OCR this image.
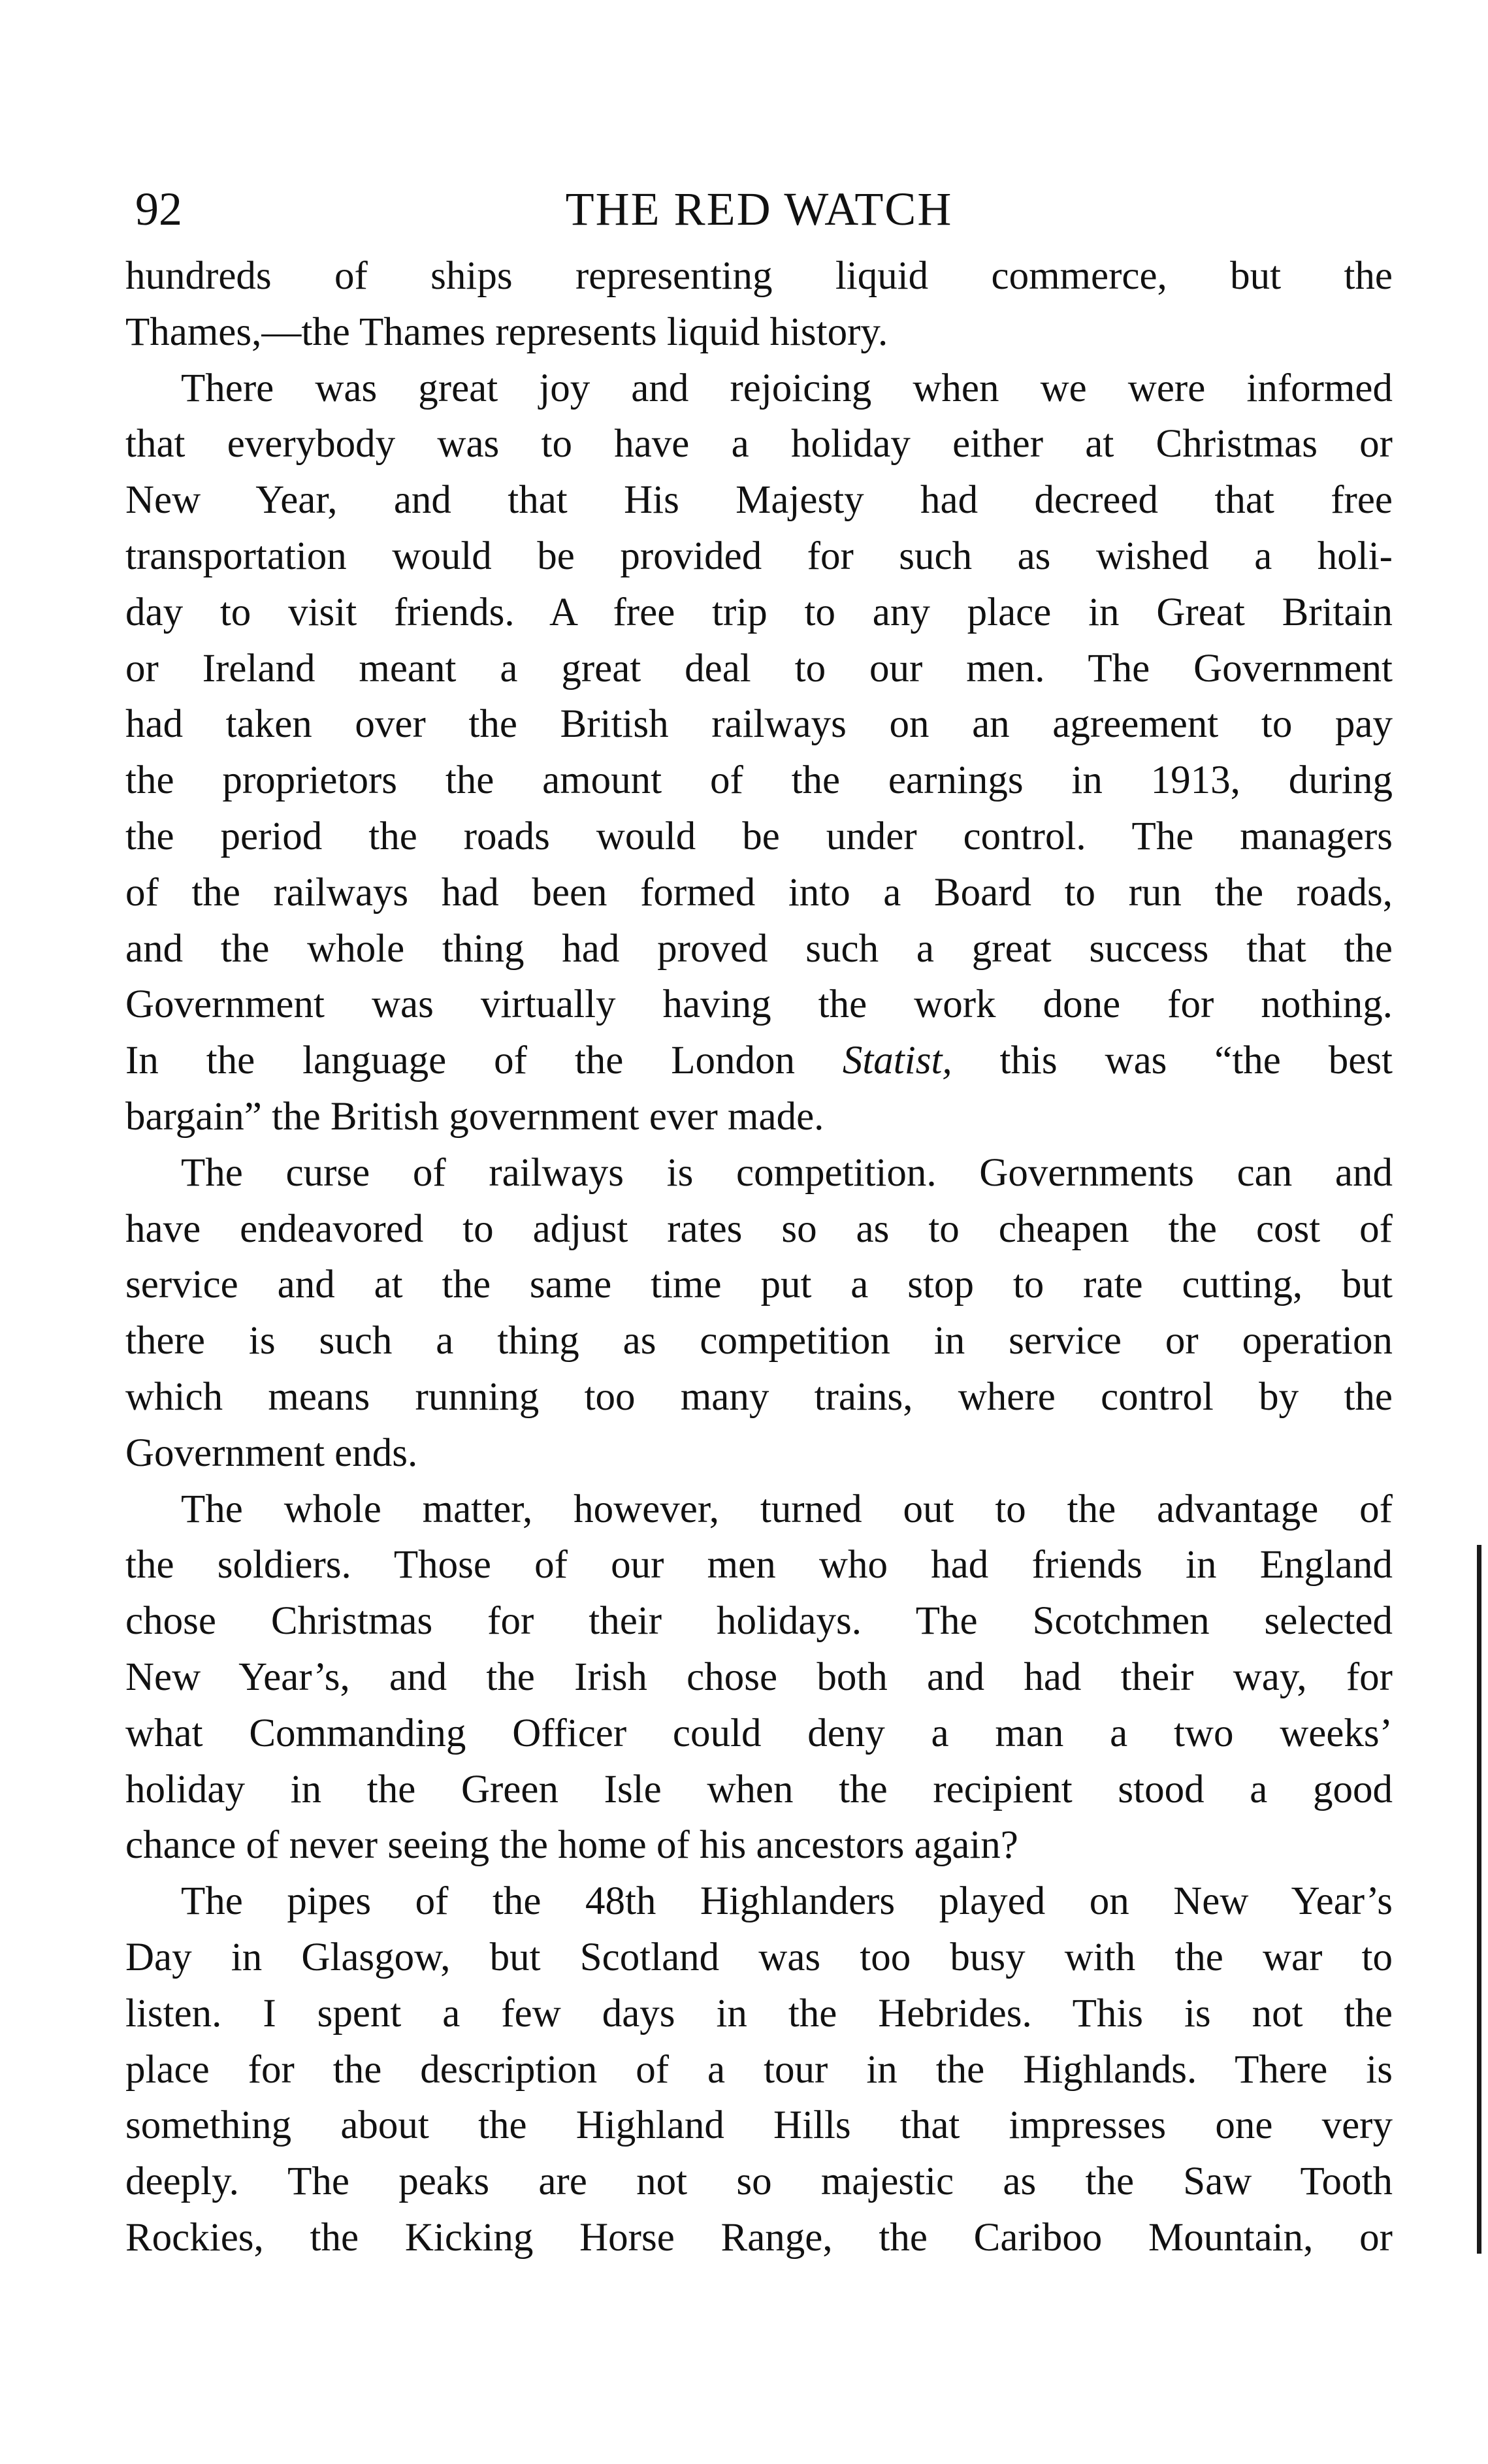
92	THE RED WATCH
hundreds of ships representing liquid commerce, but the
Thames,—the Thames represents liquid history.
There was great joy and rejoicing when we were informed
that everybody was to have a holiday either at Christmas or
New Year, and that His Majesty had decreed that free
transportation would be provided for such as wished a holi-
day to visit friends. A free trip to any place in Great Britain
or Ireland meant a great deal to our men. The Government
had taken over the British railways on an agreement to pay
the proprietors the amount of the earnings in 1913, during
the period the roads would be under control. The managers
of the railways had been formed into a Board to run the roads,
and the whole thing had proved such a great success that the
Government was virtually having the work done for nothing.
In the language of the London Statist, this was “the best
bargain” the British government ever made.
The curse of railways is competition. Governments can and
have endeavored to adjust rates so as to cheapen the cost of
service and at the same time put a stop to rate cutting, but
there is such a thing as competition in service or operation
which means running too many trains, where control by the
Government ends.
The whole matter, however, turned out to the advantage of
the soldiers. Those of our men who had friends in England
chose Christmas for their holidays. The Scotchmen selected
New Year’s, and the Irish chose both and had their way, for
what Commanding Officer could deny a man a two weeks’
holiday in the Green Isle when the recipient stood a good
chance of never seeing the home of his ancestors again?
The pipes of the 48th Highlanders played on New Year’s
Day in Glasgow, but Scotland was too busy with the war to
listen. I spent a few days in the Hebrides. This is not the
place for the description of a tour in the Highlands. There is
something about the Highland Hills that impresses one very
deeply. The peaks are not so majestic as the Saw Tooth
Rockies, the Kicking Horse Range, the Cariboo Mountain, or
